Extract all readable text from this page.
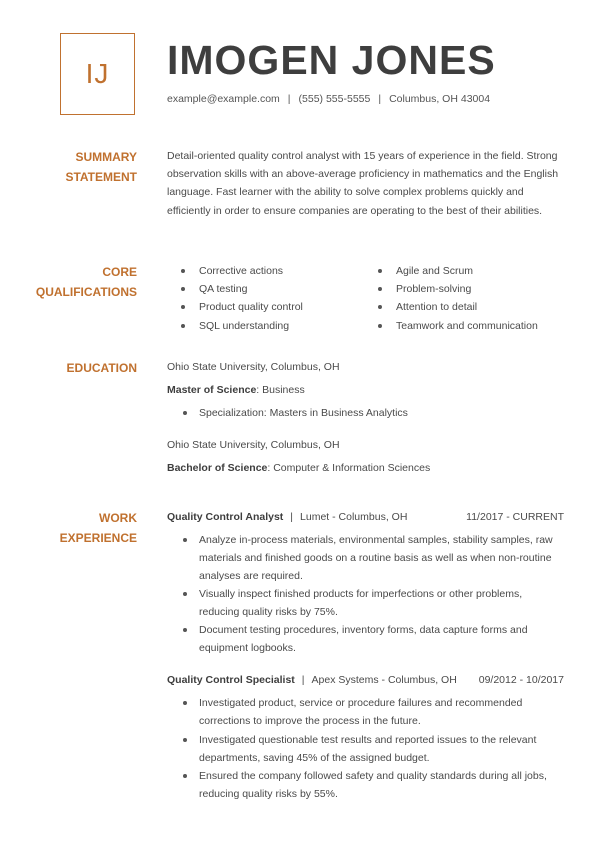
IJ IMOGEN JONES
example@example.com | (555) 555-5555 | Columbus, OH 43004
SUMMARY
STATEMENT
Detail-oriented quality control analyst with 15 years of experience in the field. Strong observation skills with an above-average proficiency in mathematics and the English language. Fast learner with the ability to solve complex problems quickly and efficiently in order to ensure companies are operating to the best of their abilities.
CORE
QUALIFICATIONS
Corrective actions	Agile and Scrum
QA testing	Problem-solving
Product quality control	Attention to detail
SQL understanding	Teamwork and communication
EDUCATION	Ohio State University, Columbus, OH
Master of Science: Business
Specialization: Masters in Business Analytics
Ohio State University, Columbus, OH
Bachelor of Science: Computer & Information Sciences
WORK
EXPERIENCE
Quality Control Analyst | Lumet - Columbus, OH	11/2017 - CURRENT
Analyze in-process materials, environmental samples, stability samples, raw materials and finished goods on a routine basis as well as when non-routine analyses are required.
Visually inspect finished products for imperfections or other problems, reducing quality risks by 75%.
Document testing procedures, inventory forms, data capture forms and equipment logbooks.
Quality Control Specialist | Apex Systems - Columbus, OH 09/2012 - 10/2017
Investigated product, service or procedure failures and recommended corrections to improve the process in the future.
Investigated questionable test results and reported issues to the relevant departments, saving 45% of the assigned budget.
Ensured the company followed safety and quality standards during all jobs, reducing quality risks by 55%.
